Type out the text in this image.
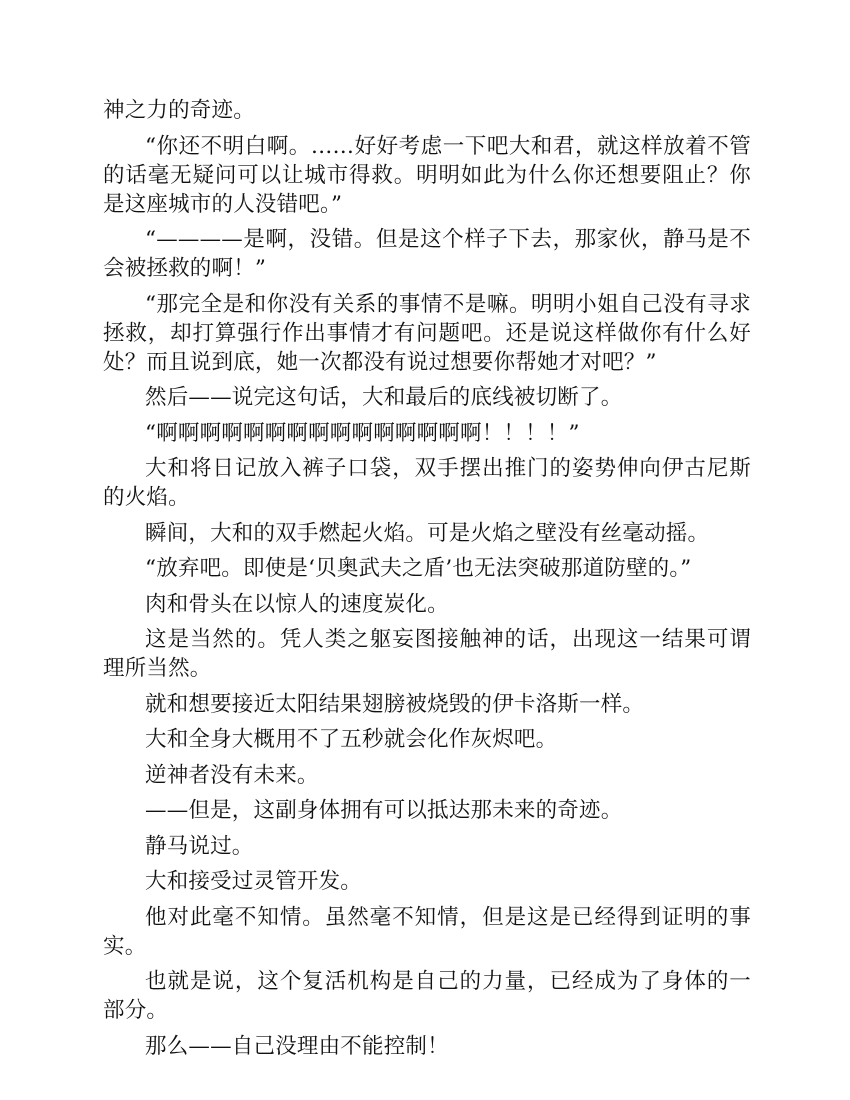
神之力的奇迹。

“你还不明白啊。……好好考虑一下吧大和君，就这样放着不管的话毫无疑问可以让城市得救。明明如此为什么你还想要阻止？你是这座城市的人没错吧。”

“————是啊，没错。但是这个样子下去，那家伙，静马是不会被拯救的啊！”

“那完全是和你没有关系的事情不是嘛。明明小姐自己没有寻求拯救，却打算强行作出事情才有问题吧。还是说这样做你有什么好处？而且说到底，她一次都没有说过想要你帮她才对吧？”

然后——说完这句话，大和最后的底线被切断了。

“啊啊啊啊啊啊啊啊啊啊啊啊啊啊啊！！！！”

大和将日记放入裤子口袋，双手摆出推门的姿势伸向伊古尼斯的火焰。

瞬间，大和的双手燃起火焰。可是火焰之壁没有丝毫动摇。

“放弃吧。即使是‘贝奥武夫之盾’也无法突破那道防壁的。”

肉和骨头在以惊人的速度炭化。

这是当然的。凭人类之躯妄图接触神的话，出现这一结果可谓理所当然。

就和想要接近太阳结果翅膀被烧毁的伊卡洛斯一样。

大和全身大概用不了五秒就会化作灰烬吧。

逆神者没有未来。

——但是，这副身体拥有可以抵达那未来的奇迹。

静马说过。

大和接受过灵管开发。

他对此毫不知情。虽然毫不知情，但是这是已经得到证明的事实。

也就是说，这个复活机构是自己的力量，已经成为了身体的一部分。

那么——自己没理由不能控制！
